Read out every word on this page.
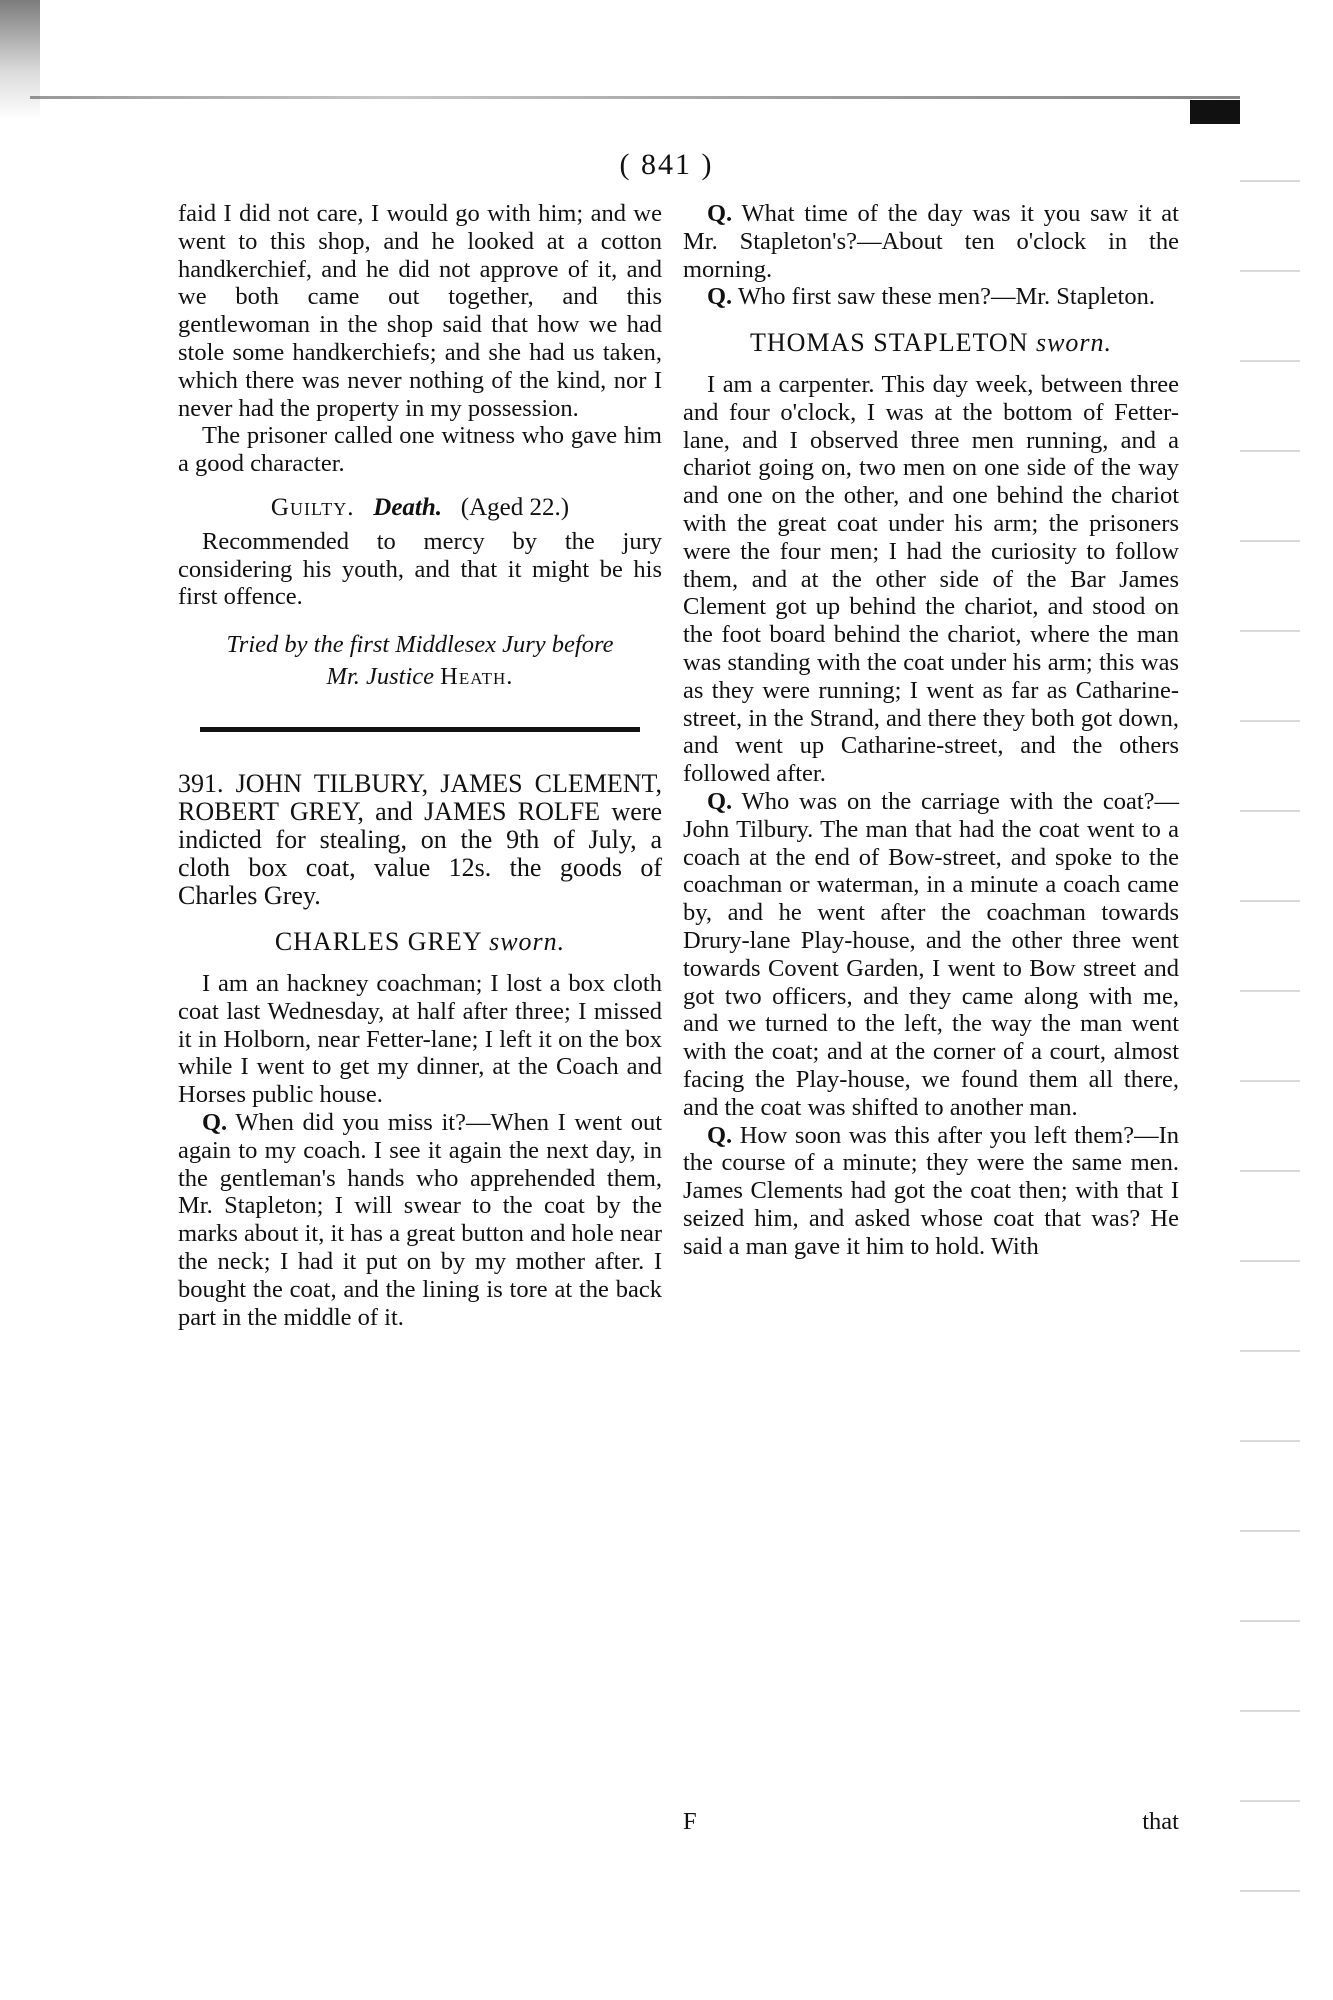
( 841 )

faid I did not care, I would go with him; and we went to this shop, and he looked at a cotton handkerchief, and he did not approve of it, and we both came out together, and this gentlewoman in the shop said that how we had stole some handkerchiefs; and she had us taken, which there was never nothing of the kind, nor I never had the property in my possession.

The prisoner called one witness who gave him a good character.

Guilty. Death. (Aged 22.)

Recommended to mercy by the jury considering his youth, and that it might be his first offence.

Tried by the first Middlesex Jury before
Mr. Justice Heath.

391. JOHN TILBURY, JAMES CLEMENT, ROBERT GREY, and JAMES ROLFE were indicted for stealing, on the 9th of July, a cloth box coat, value 12s. the goods of Charles Grey.

CHARLES GREY sworn.

I am an hackney coachman; I lost a box cloth coat last Wednesday, at half after three; I missed it in Holborn, near Fetter-lane; I left it on the box while I went to get my dinner, at the Coach and Horses public house.

Q. When did you miss it?—When I went out again to my coach. I see it again the next day, in the gentleman's hands who apprehended them, Mr. Stapleton; I will swear to the coat by the marks about it, it has a great button and hole near the neck; I had it put on by my mother after. I bought the coat, and the lining is tore at the back part in the middle of it.

Q. What time of the day was it you saw it at Mr. Stapleton's?—About ten o'clock in the morning.

Q. Who first saw these men?—Mr. Stapleton.

THOMAS STAPLETON sworn.

I am a carpenter. This day week, between three and four o'clock, I was at the bottom of Fetter-lane, and I observed three men running, and a chariot going on, two men on one side of the way and one on the other, and one behind the chariot with the great coat under his arm; the prisoners were the four men; I had the curiosity to follow them, and at the other side of the Bar James Clement got up behind the chariot, and stood on the foot board behind the chariot, where the man was standing with the coat under his arm; this was as they were running; I went as far as Catharine-street, in the Strand, and there they both got down, and went up Catharine-street, and the others followed after.

Q. Who was on the carriage with the coat?—John Tilbury. The man that had the coat went to a coach at the end of Bow-street, and spoke to the coachman or waterman, in a minute a coach came by, and he went after the coachman towards Drury-lane Play-house, and the other three went towards Covent Garden, I went to Bow street and got two officers, and they came along with me, and we turned to the left, the way the man went with the coat; and at the corner of a court, almost facing the Play-house, we found them all there, and the coat was shifted to another man.

Q. How soon was this after you left them?—In the course of a minute; they were the same men. James Clements had got the coat then; with that I seized him, and asked whose coat that was? He said a man gave it him to hold. With

F	that
